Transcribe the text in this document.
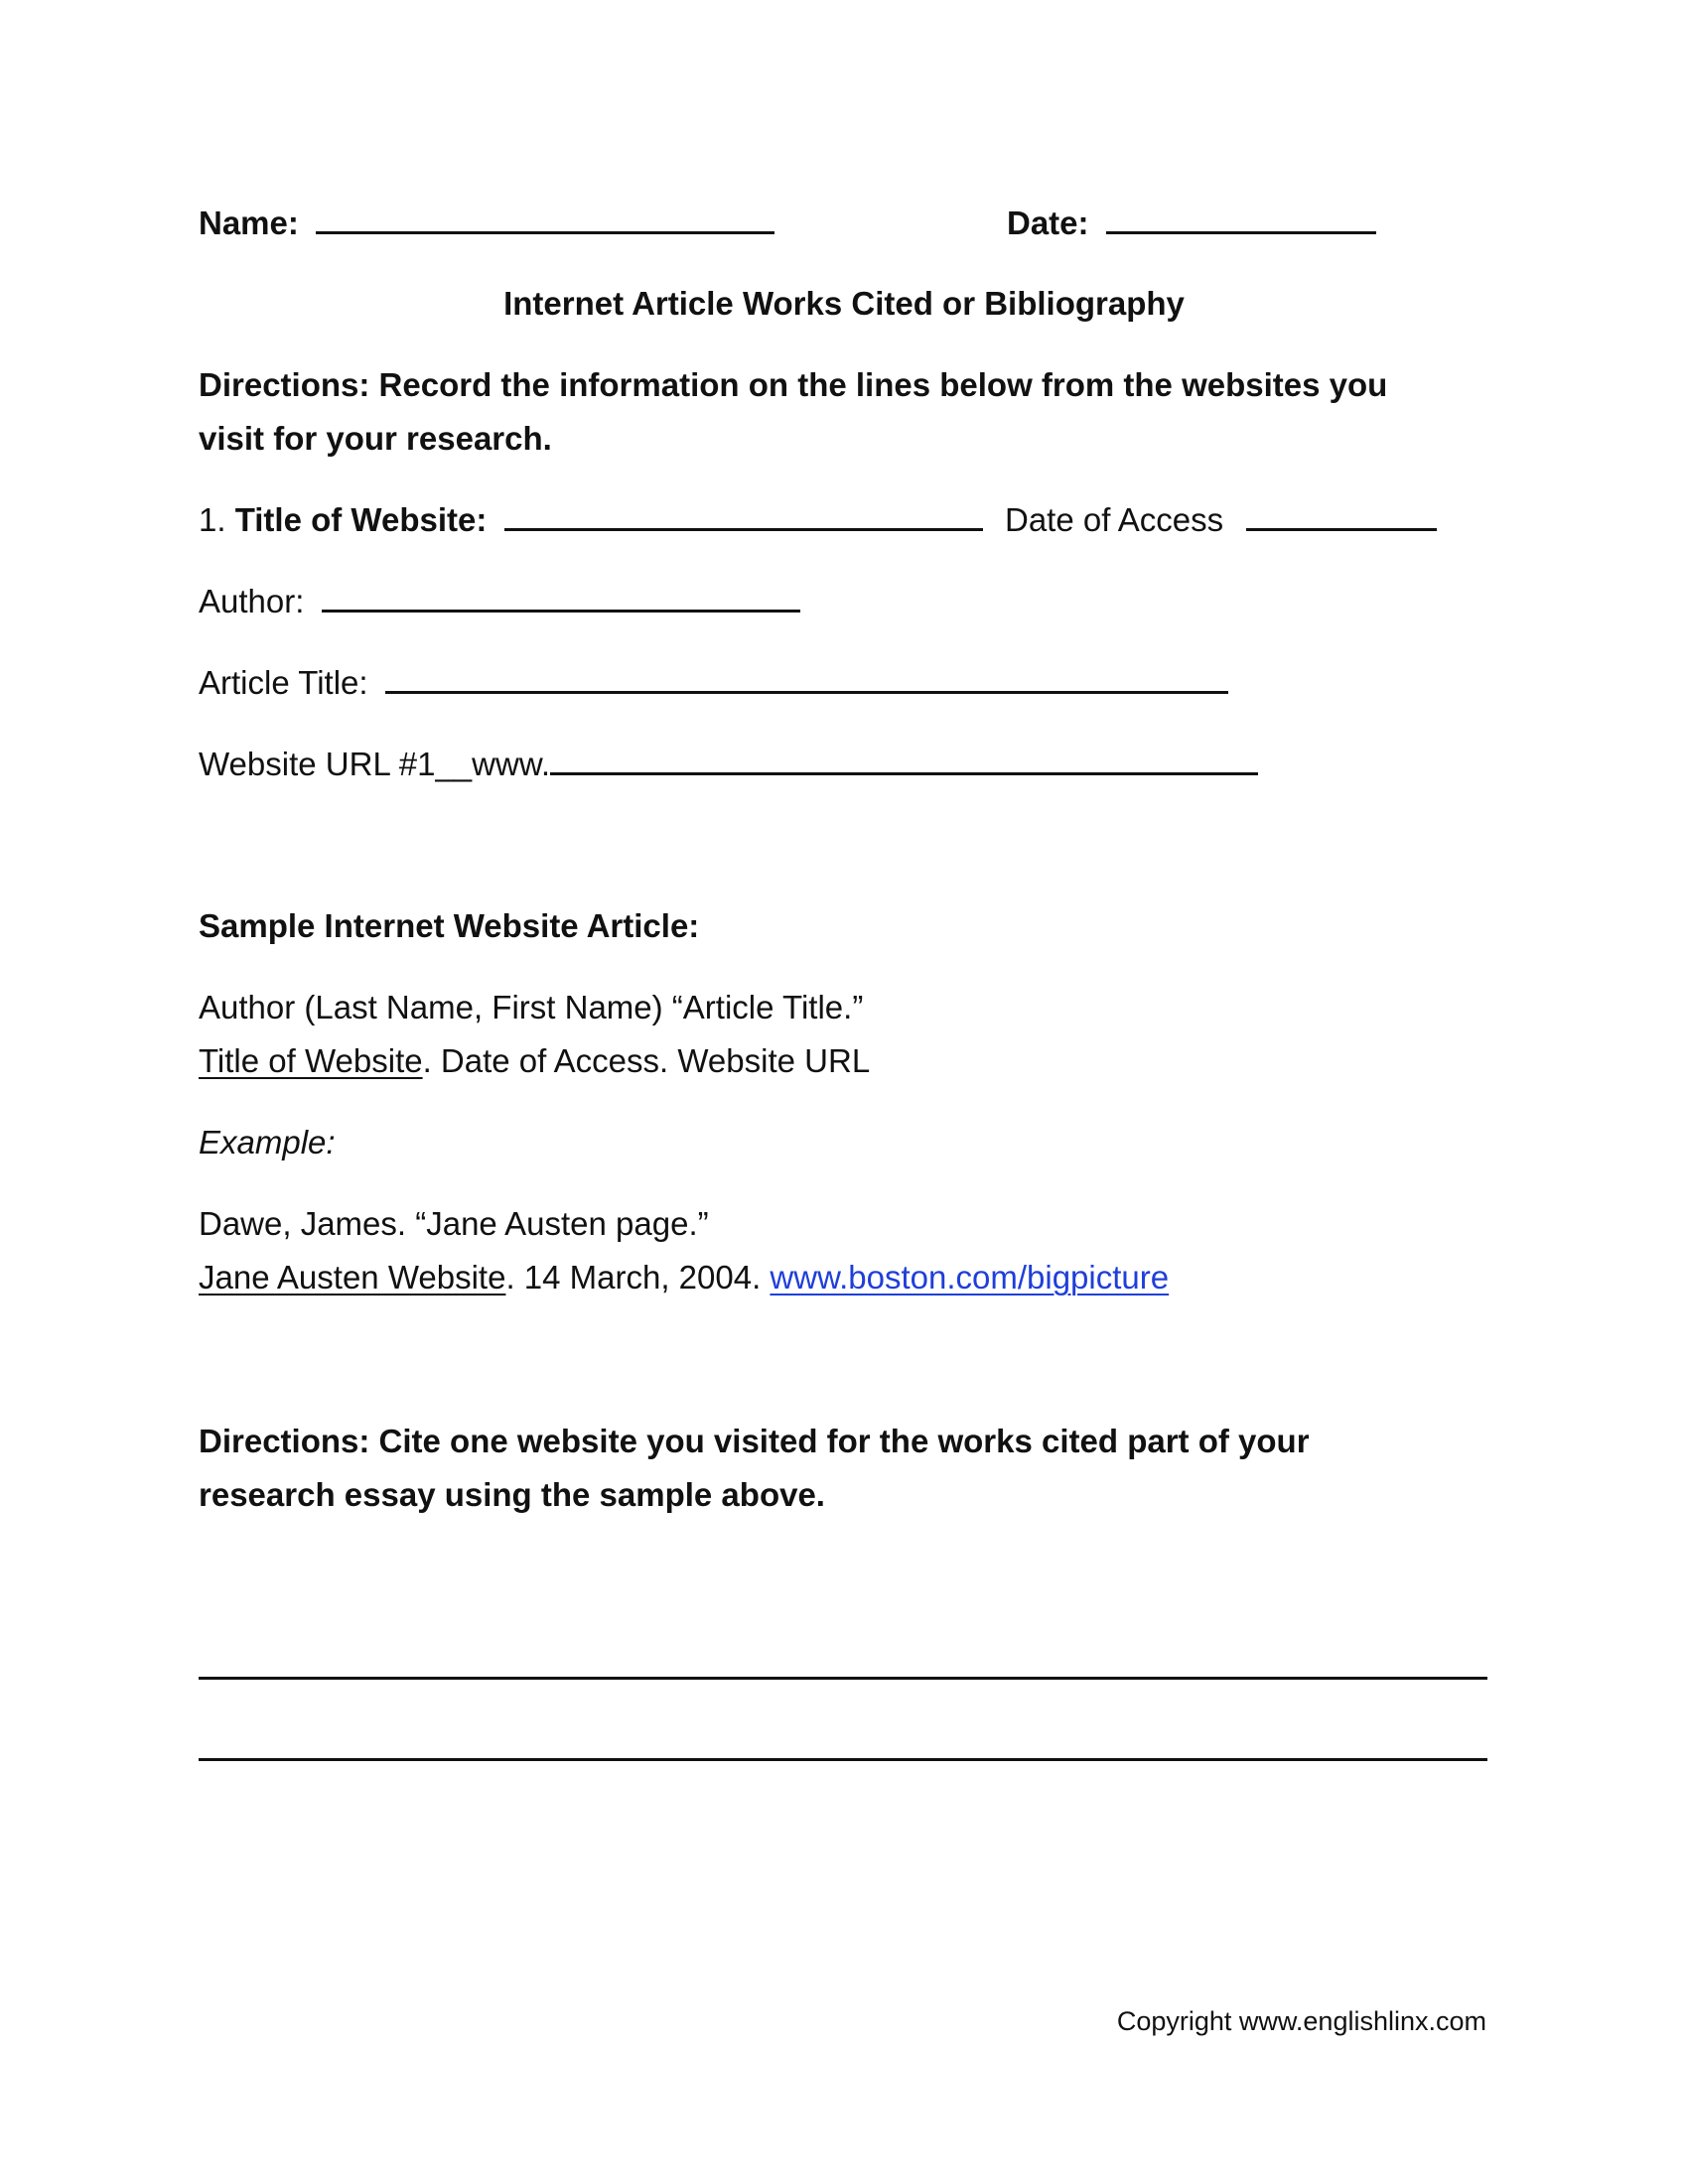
Name:	Date:
Internet Article Works Cited or Bibliography
Directions: Record the information on the lines below from the websites you
visit for your research.
1. Title of Website:	Date of Access
Author:
Article Title:
Website URL #1__www.
Sample Internet Website Article:
Author (Last Name, First Name) “Article Title.”
Title of Website. Date of Access. Website URL
Example:
Dawe, James. “Jane Austen page.”
Jane Austen Website. 14 March, 2004. www.boston.com/bigpicture
Directions: Cite one website you visited for the works cited part of your
research essay using the sample above.
Copyright www.englishlinx.com
